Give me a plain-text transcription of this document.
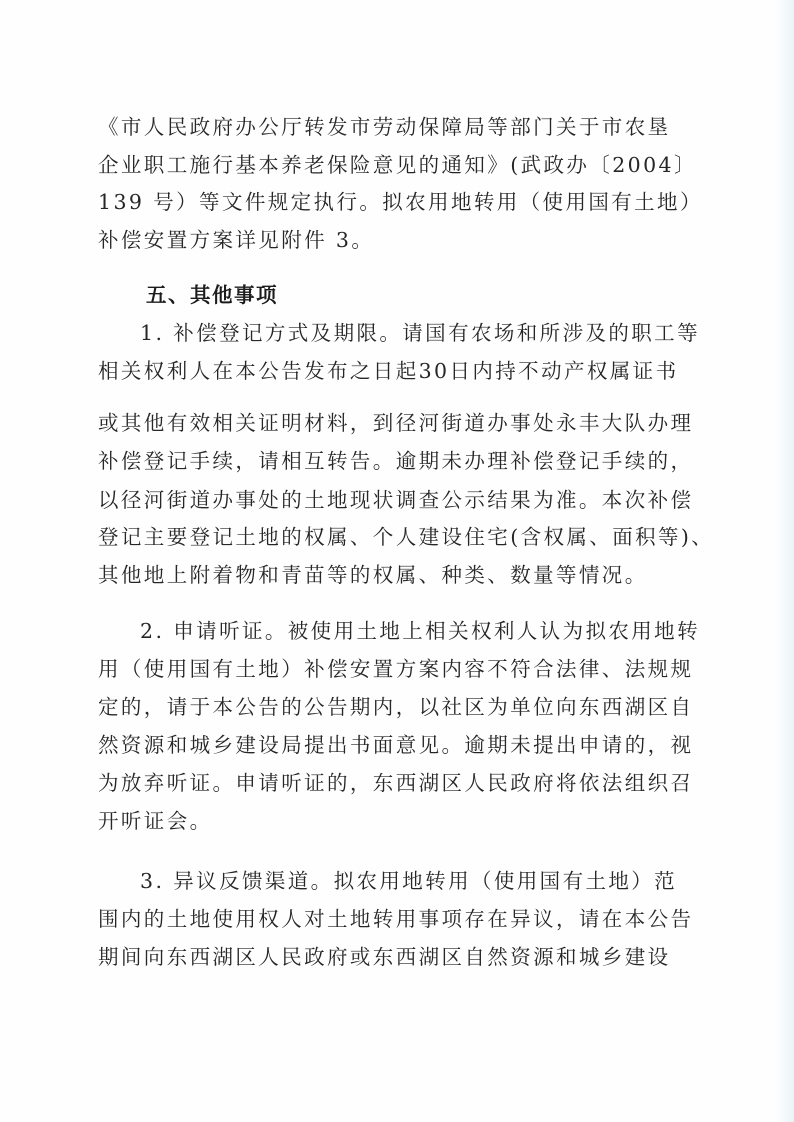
《市人民政府办公厅转发市劳动保障局等部门关于市农垦
企业职工施行基本养老保险意见的通知》(武政办〔2004〕
139 号）等文件规定执行。拟农用地转用（使用国有土地）
补偿安置方案详见附件 3。
五、其他事项
1. 补偿登记方式及期限。请国有农场和所涉及的职工等
相关权利人在本公告发布之日起30日内持不动产权属证书
或其他有效相关证明材料，到径河街道办事处永丰大队办理
补偿登记手续，请相互转告。逾期未办理补偿登记手续的，
以径河街道办事处的土地现状调查公示结果为准。本次补偿
登记主要登记土地的权属、个人建设住宅(含权属、面积等)、
其他地上附着物和青苗等的权属、种类、数量等情况。
2. 申请听证。被使用土地上相关权利人认为拟农用地转
用（使用国有土地）补偿安置方案内容不符合法律、法规规
定的，请于本公告的公告期内，以社区为单位向东西湖区自
然资源和城乡建设局提出书面意见。逾期未提出申请的，视
为放弃听证。申请听证的，东西湖区人民政府将依法组织召
开听证会。
3. 异议反馈渠道。拟农用地转用（使用国有土地）范
围内的土地使用权人对土地转用事项存在异议，请在本公告
期间向东西湖区人民政府或东西湖区自然资源和城乡建设
